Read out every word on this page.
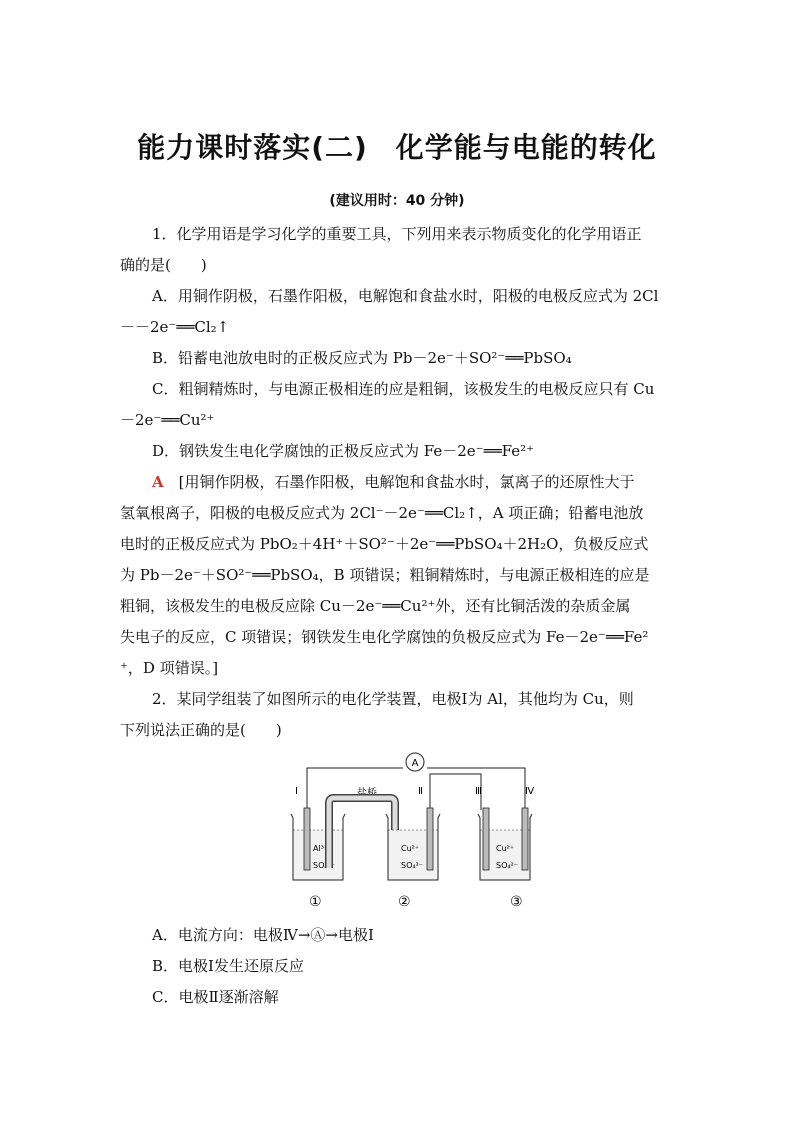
能力课时落实(二) 化学能与电能的转化
(建议用时：40 分钟)
1．化学用语是学习化学的重要工具，下列用来表示物质变化的化学用语正
确的是(　　)
A．用铜作阴极，石墨作阳极，电解饱和食盐水时，阳极的电极反应式为 2Cl
－－2e⁻══Cl₂↑
B．铅蓄电池放电时的正极反应式为 Pb－2e⁻＋SO²⁻══PbSO₄
C．粗铜精炼时，与电源正极相连的应是粗铜，该极发生的电极反应只有 Cu
－2e⁻══Cu²⁺
D．钢铁发生电化学腐蚀的正极反应式为 Fe－2e⁻══Fe²⁺
A　 [用铜作阴极，石墨作阳极，电解饱和食盐水时，氯离子的还原性大于
氢氧根离子，阳极的电极反应式为 2Cl⁻－2e⁻══Cl₂↑，A 项正确；铅蓄电池放
电时的正极反应式为 PbO₂＋4H⁺＋SO²⁻＋2e⁻══PbSO₄＋2H₂O，负极反应式
为 Pb－2e⁻＋SO²⁻══PbSO₄，B 项错误；粗铜精炼时，与电源正极相连的应是
粗铜，该极发生的电极反应除 Cu－2e⁻══Cu²⁺外，还有比铜活泼的杂质金属
失电子的反应，C 项错误；钢铁发生电化学腐蚀的负极反应式为 Fe－2e⁻══Fe²
⁺，D 项错误。]
2．某同学组装了如图所示的电化学装置，电极Ⅰ为 Al，其他均为 Cu，则
下列说法正确的是(　　)
A
Ⅰ	Ⅱ	Ⅲ	Ⅳ
盐桥
Al³⁺
SO₄²⁻
Cu²⁺
SO₄²⁻
Cu²⁺
SO₄²⁻
①	②	③
A．电流方向：电极Ⅳ→Ⓐ→电极Ⅰ
B．电极Ⅰ发生还原反应
C．电极Ⅱ逐渐溶解
